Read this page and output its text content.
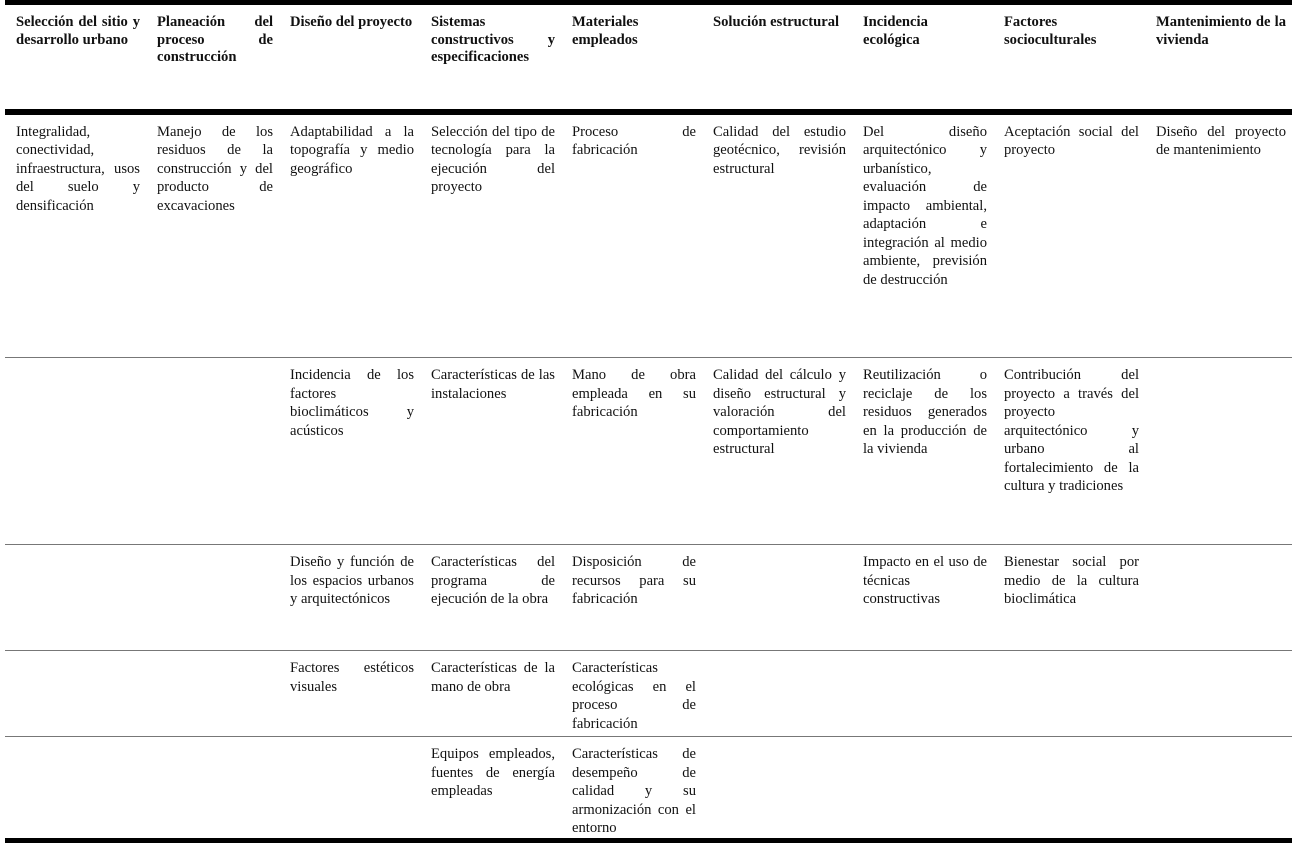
Selección del sitio y desarrollo urbano	Planeación del proceso de construcción	Diseño del proyecto	Sistemas constructivos y especificaciones	Materiales empleados	Solución estructural	Incidencia ecológica	Factores socioculturales	Mantenimiento de la vivienda
Integralidad, conectividad, infraestructura, usos del suelo y densificación	Manejo de los residuos de la construcción y del producto de excavaciones	Adaptabilidad a la topografía y medio geográfico	Selección del tipo de tecnología para la ejecución del proyecto	Proceso de fabricación	Calidad del estudio geotécnico, revisión estructural	Del diseño arquitectónico y urbanístico, evaluación de impacto ambiental, adaptación e integración al medio ambiente, previsión de destrucción	Aceptación social del proyecto	Diseño del proyecto de mantenimiento
		Incidencia de los factores bioclimáticos y acústicos	Características de las instalaciones	Mano de obra empleada en su fabricación	Calidad del cálculo y diseño estructural y valoración del comportamiento estructural	Reutilización o reciclaje de los residuos generados en la producción de la vivienda	Contribución del proyecto a través del proyecto arquitectónico y urbano al fortalecimiento de la cultura y tradiciones	
		Diseño y función de los espacios urbanos y arquitectónicos	Características del programa de ejecución de la obra	Disposición de recursos para su fabricación		Impacto en el uso de técnicas constructivas	Bienestar social por medio de la cultura bioclimática	
		Factores estéticos visuales	Características de la mano de obra	Características ecológicas en el proceso de fabricación				
			Equipos empleados, fuentes de energía empleadas	Características de desempeño de calidad y su armonización con el entorno				
